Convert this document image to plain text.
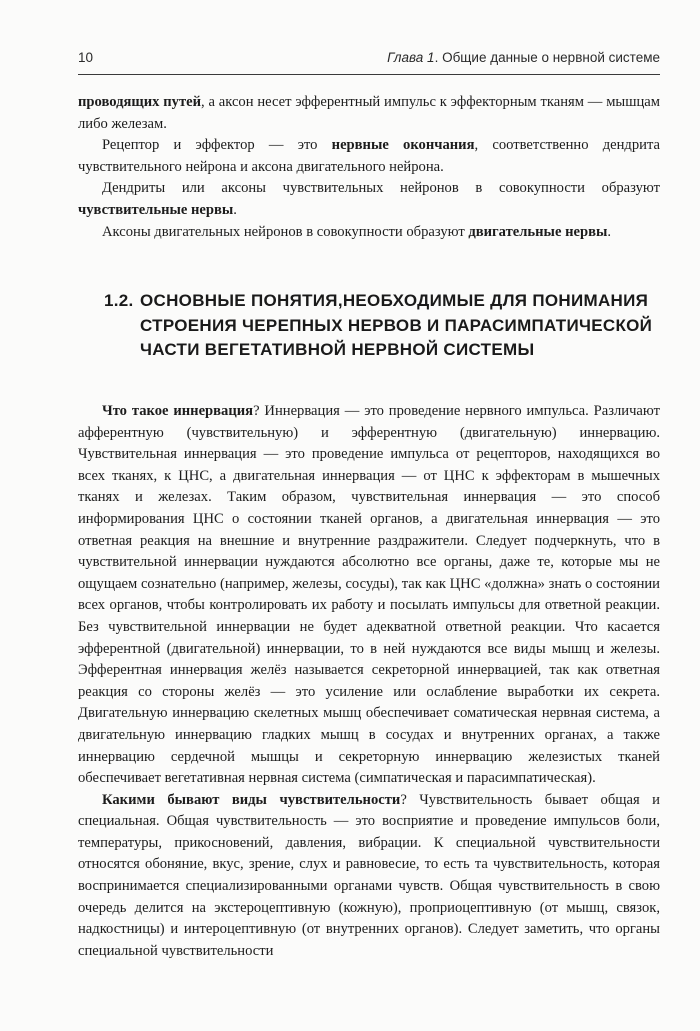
10	Глава 1. Общие данные о нервной системе

проводящих путей, а аксон несет эфферентный импульс к эффекторным тканям — мышцам либо железам.

Рецептор и эффектор — это нервные окончания, соответственно дендрита чувствительного нейрона и аксона двигательного нейрона.

Дендриты или аксоны чувствительных нейронов в совокупности образуют чувствительные нервы.

Аксоны двигательных нейронов в совокупности образуют двигательные нервы.

1.2. ОСНОВНЫЕ ПОНЯТИЯ,НЕОБХОДИМЫЕ ДЛЯ ПОНИМАНИЯ СТРОЕНИЯ ЧЕРЕПНЫХ НЕРВОВ И ПАРАСИМПАТИЧЕСКОЙ ЧАСТИ ВЕГЕТАТИВНОЙ НЕРВНОЙ СИСТЕМЫ

Что такое иннервация? Иннервация — это проведение нервного импульса. Различают афферентную (чувствительную) и эфферентную (двигательную) иннервацию. Чувствительная иннервация — это проведение импульса от рецепторов, находящихся во всех тканях, к ЦНС, а двигательная иннервация — от ЦНС к эффекторам в мышечных тканях и железах. Таким образом, чувствительная иннервация — это способ информирования ЦНС о состоянии тканей органов, а двигательная иннервация — это ответная реакция на внешние и внутренние раздражители. Следует подчеркнуть, что в чувствительной иннервации нуждаются абсолютно все органы, даже те, которые мы не ощущаем сознательно (например, железы, сосуды), так как ЦНС «должна» знать о состоянии всех органов, чтобы контролировать их работу и посылать импульсы для ответной реакции. Без чувствительной иннервации не будет адекватной ответной реакции. Что касается эфферентной (двигательной) иннервации, то в ней нуждаются все виды мышц и железы. Эфферентная иннервация желёз называется секреторной иннервацией, так как ответная реакция со стороны желёз — это усиление или ослабление выработки их секрета. Двигательную иннервацию скелетных мышц обеспечивает соматическая нервная система, а двигательную иннервацию гладких мышц в сосудах и внутренних органах, а также иннервацию сердечной мышцы и секреторную иннервацию железистых тканей обеспечивает вегетативная нервная система (симпатическая и парасимпатическая).

Какими бывают виды чувствительности? Чувствительность бывает общая и специальная. Общая чувствительность — это восприятие и проведение импульсов боли, температуры, прикосновений, давления, вибрации. К специальной чувствительности относятся обоняние, вкус, зрение, слух и равновесие, то есть та чувствительность, которая воспринимается специализированными органами чувств. Общая чувствительность в свою очередь делится на экстероцептивную (кожную), проприоцептивную (от мышц, связок, надкостницы) и интероцептивную (от внутренних органов). Следует заметить, что органы специальной чувствительности
